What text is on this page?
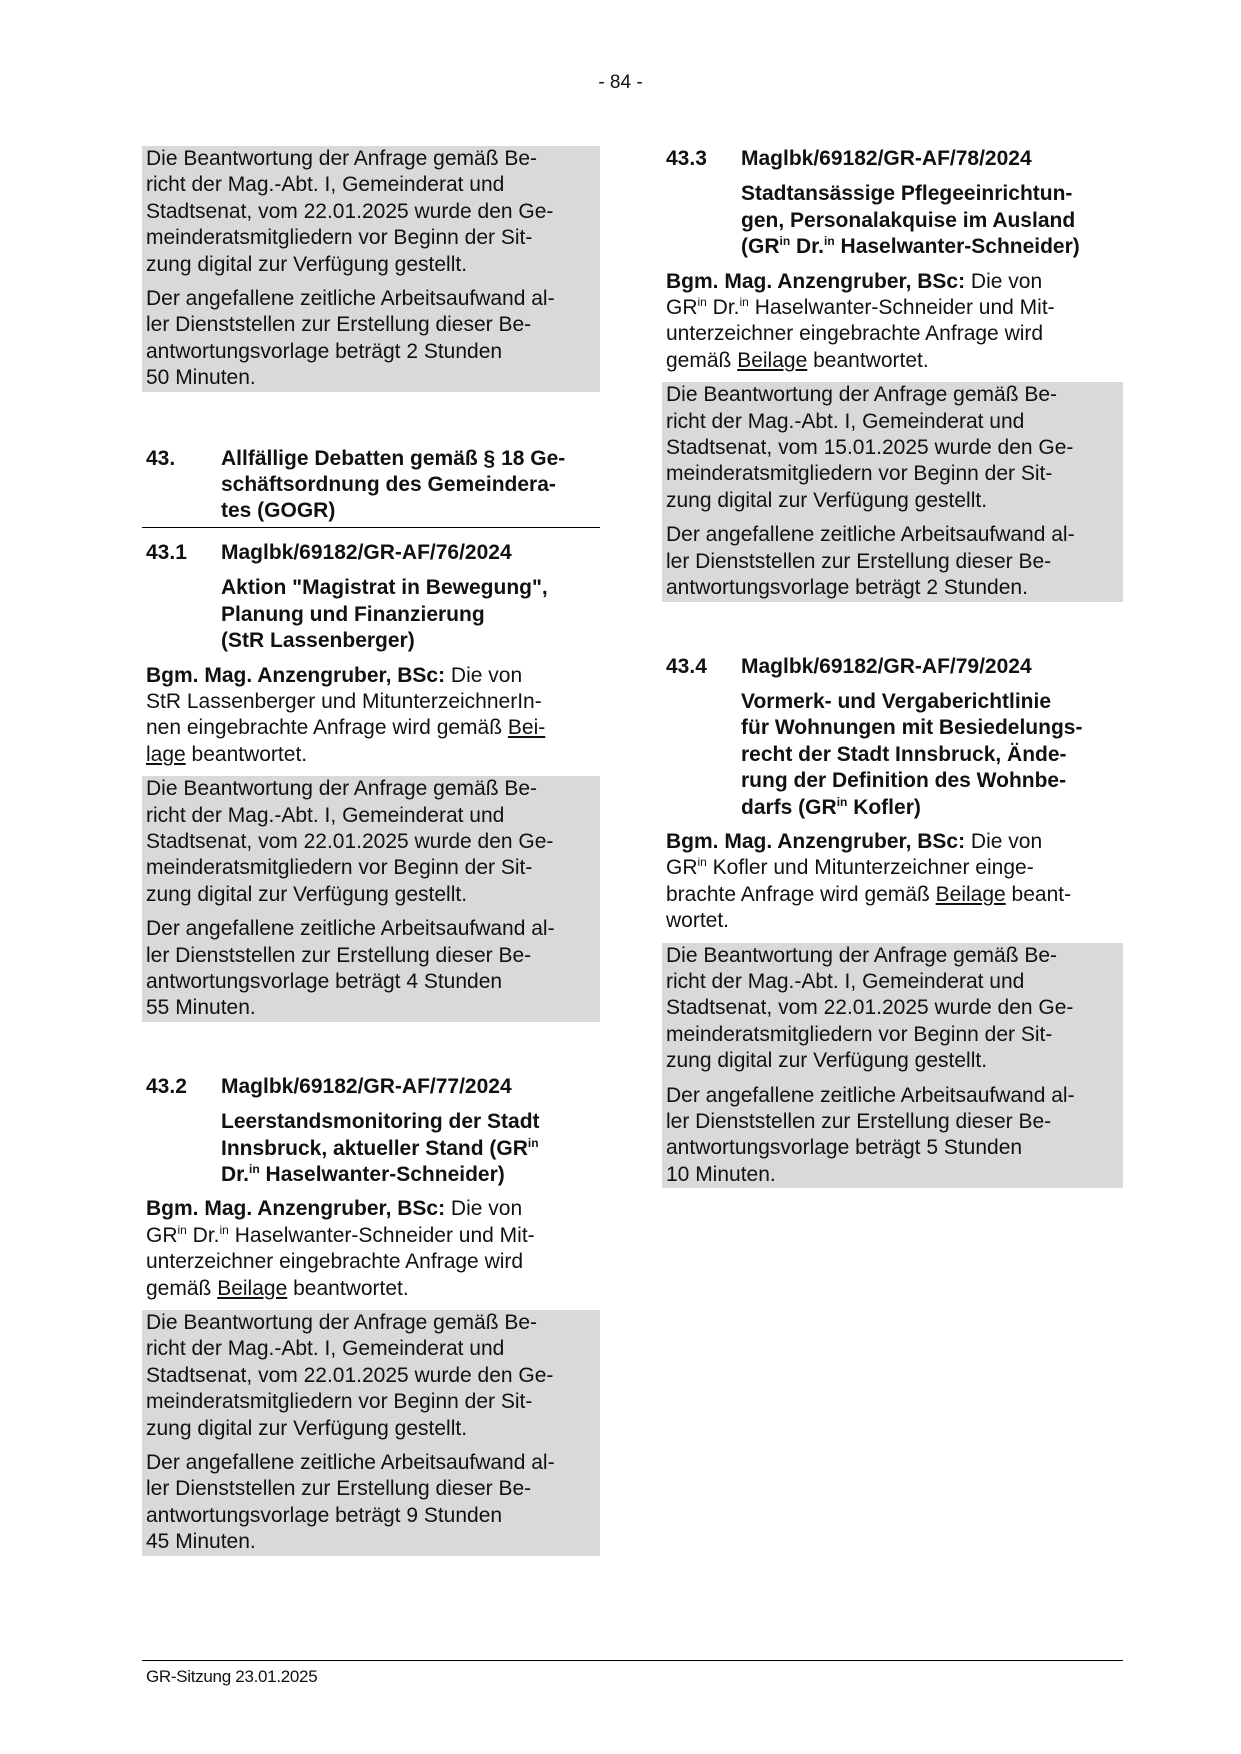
- 84 -

Die Beantwortung der Anfrage gemäß Be-
richt der Mag.-Abt. I, Gemeinderat und
Stadtsenat, vom 22.01.2025 wurde den Ge-
meinderatsmitgliedern vor Beginn der Sit-
zung digital zur Verfügung gestellt.

Der angefallene zeitliche Arbeitsaufwand al-
ler Dienststellen zur Erstellung dieser Be-
antwortungsvorlage beträgt 2 Stunden
50 Minuten.

43.	Allfällige Debatten gemäß § 18 Ge-
schäftsordnung des Gemeindera-
tes (GOGR)
43.1	Maglbk/69182/GR-AF/76/2024
Aktion "Magistrat in Bewegung",
Planung und Finanzierung
(StR Lassenberger)

Bgm. Mag. Anzengruber, BSc: Die von
StR Lassenberger und MitunterzeichnerIn-
nen eingebrachte Anfrage wird gemäß Bei-
lage beantwortet.

Die Beantwortung der Anfrage gemäß Be-
richt der Mag.-Abt. I, Gemeinderat und
Stadtsenat, vom 22.01.2025 wurde den Ge-
meinderatsmitgliedern vor Beginn der Sit-
zung digital zur Verfügung gestellt.

Der angefallene zeitliche Arbeitsaufwand al-
ler Dienststellen zur Erstellung dieser Be-
antwortungsvorlage beträgt 4 Stunden
55 Minuten.

43.2	Maglbk/69182/GR-AF/77/2024
Leerstandsmonitoring der Stadt
Innsbruck, aktueller Stand ($GR^{in}$
Dr.$^{in}$ Haselwanter-Schneider)

Bgm. Mag. Anzengruber, BSc: Die von
$GR^{in}$ Dr.$^{in}$ Haselwanter-Schneider und Mit-
unterzeichner eingebrachte Anfrage wird
gemäß Beilage beantwortet.

Die Beantwortung der Anfrage gemäß Be-
richt der Mag.-Abt. I, Gemeinderat und
Stadtsenat, vom 22.01.2025 wurde den Ge-
meinderatsmitgliedern vor Beginn der Sit-
zung digital zur Verfügung gestellt.

Der angefallene zeitliche Arbeitsaufwand al-
ler Dienststellen zur Erstellung dieser Be-
antwortungsvorlage beträgt 9 Stunden
45 Minuten.

43.3	Maglbk/69182/GR-AF/78/2024
Stadtansässige Pflegeeinrichtun-
gen, Personalakquise im Ausland
($GR^{in}$ Dr.$^{in}$ Haselwanter-Schneider)

Bgm. Mag. Anzengruber, BSc: Die von
$GR^{in}$ Dr.$^{in}$ Haselwanter-Schneider und Mit-
unterzeichner eingebrachte Anfrage wird
gemäß Beilage beantwortet.

Die Beantwortung der Anfrage gemäß Be-
richt der Mag.-Abt. I, Gemeinderat und
Stadtsenat, vom 15.01.2025 wurde den Ge-
meinderatsmitgliedern vor Beginn der Sit-
zung digital zur Verfügung gestellt.

Der angefallene zeitliche Arbeitsaufwand al-
ler Dienststellen zur Erstellung dieser Be-
antwortungsvorlage beträgt 2 Stunden.

43.4	Maglbk/69182/GR-AF/79/2024
Vormerk- und Vergaberichtlinie
für Wohnungen mit Besiedelungs-
recht der Stadt Innsbruck, Ände-
rung der Definition des Wohnbe-
darfs ($GR^{in}$ Kofler)

Bgm. Mag. Anzengruber, BSc: Die von
$GR^{in}$ Kofler und Mitunterzeichner einge-
brachte Anfrage wird gemäß Beilage beant-
wortet.

Die Beantwortung der Anfrage gemäß Be-
richt der Mag.-Abt. I, Gemeinderat und
Stadtsenat, vom 22.01.2025 wurde den Ge-
meinderatsmitgliedern vor Beginn der Sit-
zung digital zur Verfügung gestellt.

Der angefallene zeitliche Arbeitsaufwand al-
ler Dienststellen zur Erstellung dieser Be-
antwortungsvorlage beträgt 5 Stunden
10 Minuten.

GR-Sitzung 23.01.2025
